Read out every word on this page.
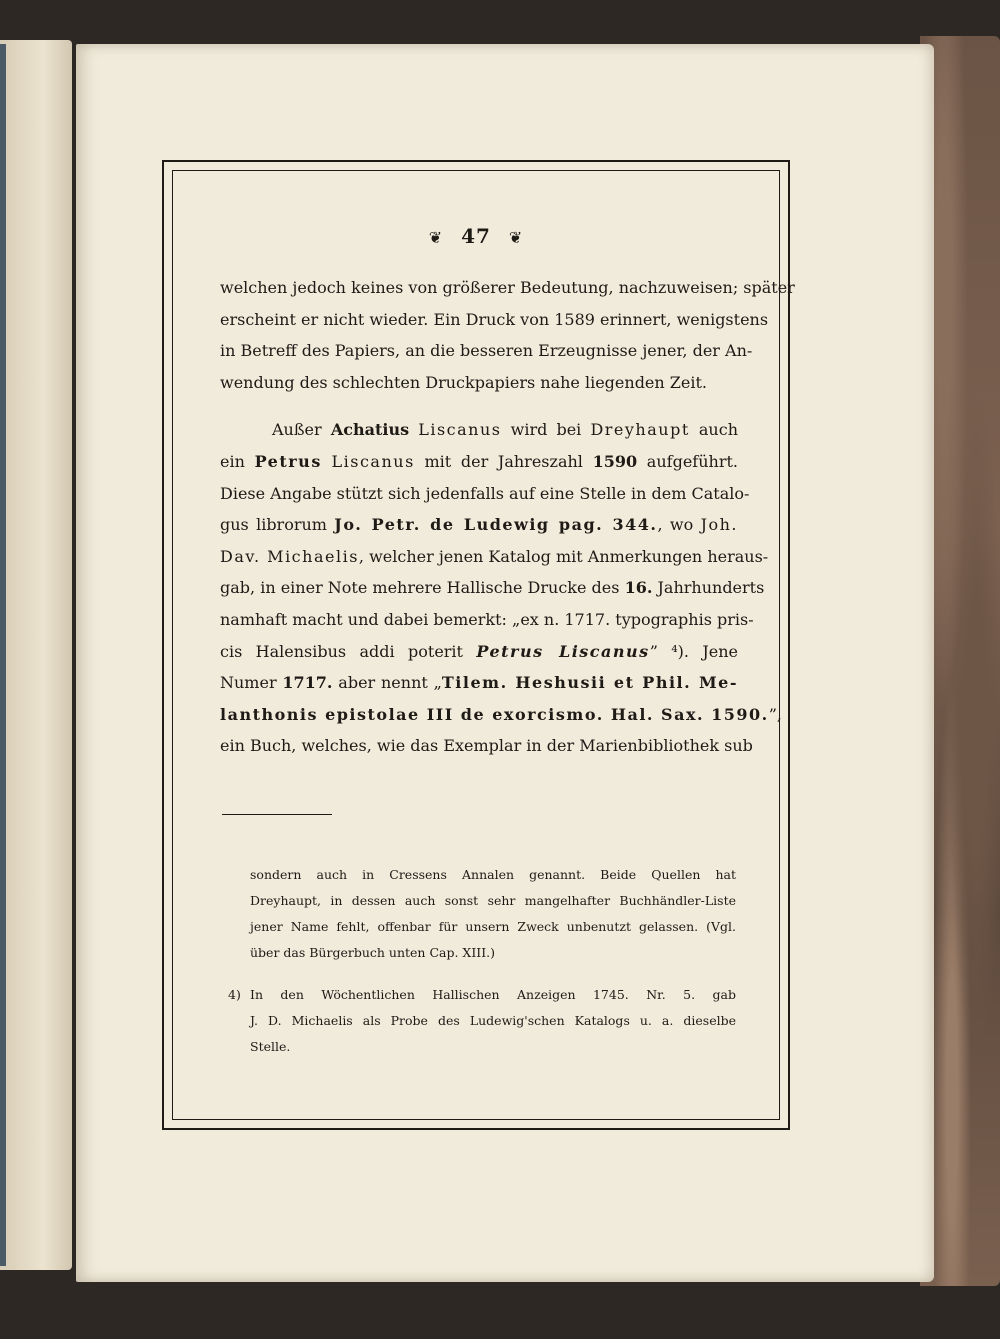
❦ 47 ❦

welchen jedoch keines von größerer Bedeutung, nachzuweisen; später
erscheint er nicht wieder. Ein Druck von 1589 erinnert, wenigstens
in Betreff des Papiers, an die besseren Erzeugnisse jener, der An-
wendung des schlechten Druckpapiers nahe liegenden Zeit.

Außer Achatius Liscanus wird bei Dreyhaupt auch
ein Petrus Liscanus mit der Jahreszahl 1590 aufgeführt.
Diese Angabe stützt sich jedenfalls auf eine Stelle in dem Catalo-
gus librorum Jo. Petr. de Ludewig pag. 344., wo Joh.
Dav. Michaelis, welcher jenen Katalog mit Anmerkungen heraus-
gab, in einer Note mehrere Hallische Drucke des 16. Jahrhunderts
namhaft macht und dabei bemerkt: „ex n. 1717. typographis pris-
cis Halensibus addi poterit Petrus Liscanus” ⁴). Jene
Numer 1717. aber nennt „Tilem. Heshusii et Phil. Me-
lanthonis epistolae III de exorcismo. Hal. Sax. 1590.”,
ein Buch, welches, wie das Exemplar in der Marienbibliothek sub

sondern auch in Cressens Annalen genannt. Beide Quellen hat
Dreyhaupt, in dessen auch sonst sehr mangelhafter Buchhändler-Liste
jener Name fehlt, offenbar für unsern Zweck unbenutzt gelassen. (Vgl.
über das Bürgerbuch unten Cap. XIII.)
4) In den Wöchentlichen Hallischen Anzeigen 1745. Nr. 5. gab
J. D. Michaelis als Probe des Ludewig'schen Katalogs u. a. dieselbe
Stelle.
